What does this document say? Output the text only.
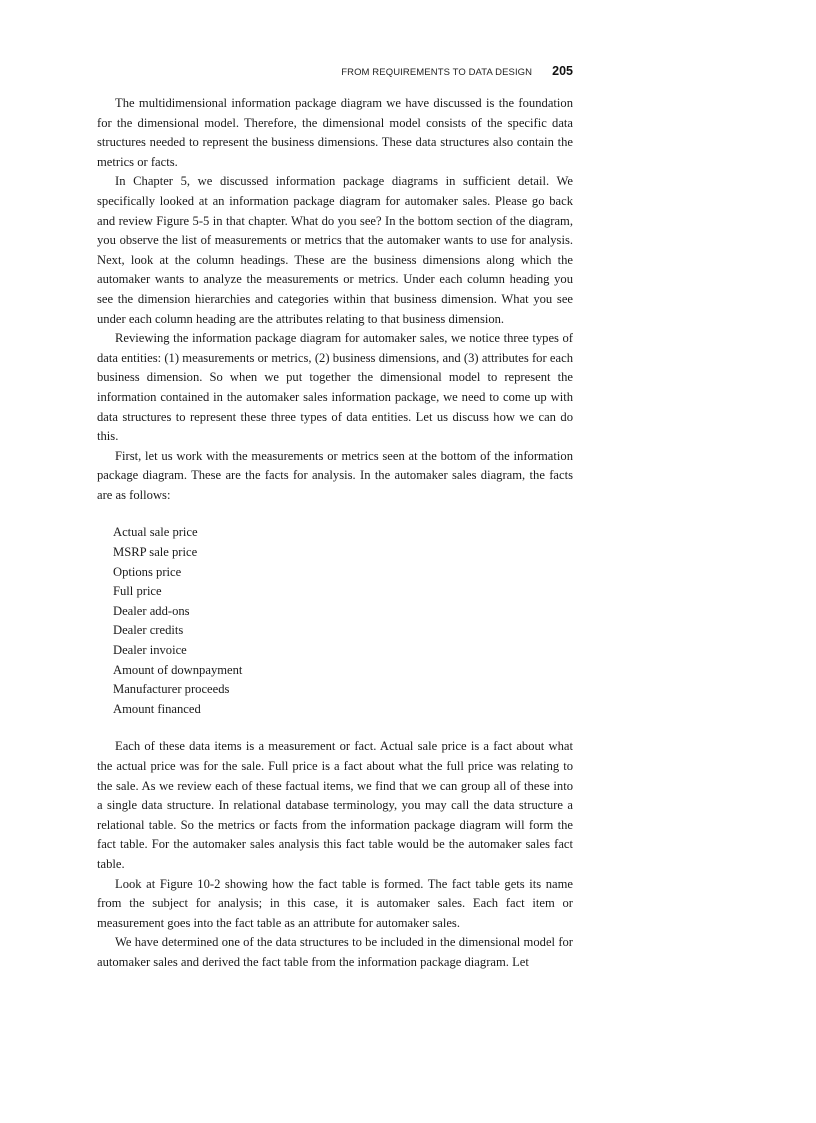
FROM REQUIREMENTS TO DATA DESIGN 205

The multidimensional information package diagram we have discussed is the foundation for the dimensional model. Therefore, the dimensional model consists of the specific data structures needed to represent the business dimensions. These data structures also contain the metrics or facts.

In Chapter 5, we discussed information package diagrams in sufficient detail. We specifically looked at an information package diagram for automaker sales. Please go back and review Figure 5-5 in that chapter. What do you see? In the bottom section of the diagram, you observe the list of measurements or metrics that the automaker wants to use for analysis. Next, look at the column headings. These are the business dimensions along which the automaker wants to analyze the measurements or metrics. Under each column heading you see the dimension hierarchies and categories within that business dimension. What you see under each column heading are the attributes relating to that business dimension.

Reviewing the information package diagram for automaker sales, we notice three types of data entities: (1) measurements or metrics, (2) business dimensions, and (3) attributes for each business dimension. So when we put together the dimensional model to represent the information contained in the automaker sales information package, we need to come up with data structures to represent these three types of data entities. Let us discuss how we can do this.

First, let us work with the measurements or metrics seen at the bottom of the information package diagram. These are the facts for analysis. In the automaker sales diagram, the facts are as follows:

Actual sale price
MSRP sale price
Options price
Full price
Dealer add-ons
Dealer credits
Dealer invoice
Amount of downpayment
Manufacturer proceeds
Amount financed

Each of these data items is a measurement or fact. Actual sale price is a fact about what the actual price was for the sale. Full price is a fact about what the full price was relating to the sale. As we review each of these factual items, we find that we can group all of these into a single data structure. In relational database terminology, you may call the data structure a relational table. So the metrics or facts from the information package diagram will form the fact table. For the automaker sales analysis this fact table would be the automaker sales fact table.

Look at Figure 10-2 showing how the fact table is formed. The fact table gets its name from the subject for analysis; in this case, it is automaker sales. Each fact item or measurement goes into the fact table as an attribute for automaker sales.

We have determined one of the data structures to be included in the dimensional model for automaker sales and derived the fact table from the information package diagram. Let
